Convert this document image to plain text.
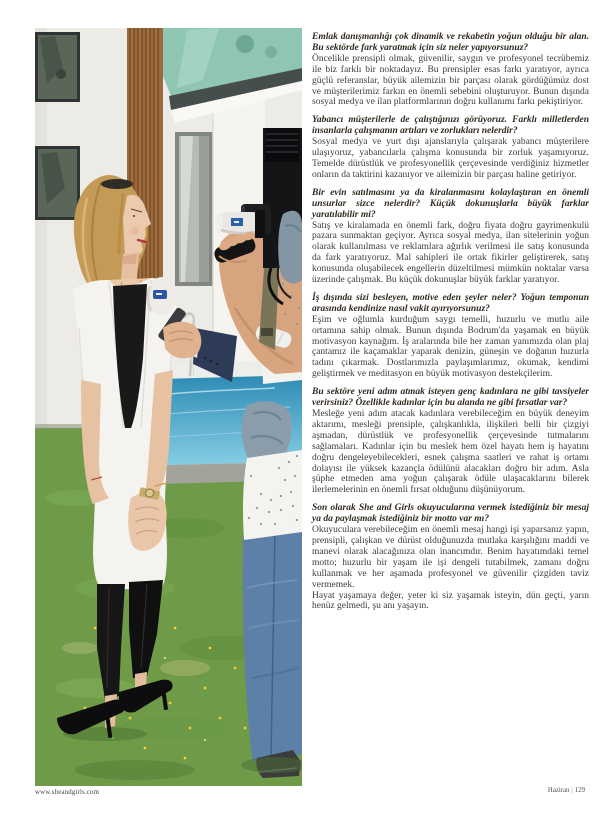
Emlak danışmanlığı çok dinamik ve rekabetin yoğun olduğu bir alan. Bu sektörde fark yaratmak için siz neler yapıyorsunuz?

Öncelikle prensipli olmak, güvenilir, saygın ve profesyonel tecrübemiz ile biz farklı bir noktadayız. Bu prensipler esas farkı yaratıyor, ayrıca güçlü referanslar, büyük ailemizin bir parçası olarak gördüğümüz dost ve müşterilerimiz farkın en önemli sebebini oluşturuyor. Bunun dışında sosyal medya ve ilan platformlarının doğru kullanımı farkı pekiştiriyor.

Yabancı müşterilerle de çalıştığınızı görüyoruz. Farklı milletlerden insanlarla çalışmanın artıları ve zorlukları nelerdir?

Sosyal medya ve yurt dışı ajanslarıyla çalışarak yabancı müşterilere ulaşıyoruz, yabancılarla çalışma konusunda bir zorluk yaşamıyoruz. Temelde dürüstlük ve profesyonellik çerçevesinde verdiğiniz hizmetler onların da taktirini kazanıyor ve ailemizin bir parçası haline getiriyor.

Bir evin satılmasını ya da kiralanmasını kolaylaştıran en önemli unsurlar sizce nelerdir? Küçük dokunuşlarla büyük farklar yaratılabilir mi?

Satış ve kiralamada en önemli fark, doğru fiyata doğru gayrimenkulü pazara sunmaktan geçiyor. Ayrıca sosyal medya, ilan sitelerinin yoğun olarak kullanılması ve reklamlara ağırlık verilmesi ile satış konusunda da fark yaratıyoruz. Mal sahipleri ile ortak fikirler geliştirerek, satış konusunda oluşabilecek engellerin düzeltilmesi mümkün noktalar varsa üzerinde çalışmak. Bu küçük dokunuşlar büyük farklar yaratıyor.

İş dışında sizi besleyen, motive eden şeyler neler? Yoğun temponun arasında kendinize nasıl vakit ayırıyorsunuz?

Eşim ve oğlumla kurduğum saygı temelli, huzurlu ve mutlu aile ortamına sahip olmak. Bunun dışında Bodrum'da yaşamak en büyük motivasyon kaynağım. İş aralarında bile her zaman yanımızda olan plaj çantamız ile kaçamaklar yaparak denizin, güneşin ve doğanın huzurla tadını çıkarmak. Dostlarımızla paylaşımlarımız, okumak, kendimi geliştirmek ve meditasyon en büyük motivasyon destekçilerim.

Bu sektöre yeni adım atmak isteyen genç kadınlara ne gibi tavsiyeler verirsiniz? Özellikle kadınlar için bu alanda ne gibi fırsatlar var?

Mesleğe yeni adım atacak kadınlara verebileceğim en büyük deneyim aktarımı, mesleği prensiple, çalışkanlıkla, ilişkileri belli bir çizgiyi aşmadan, dürüstlük ve profesyonellik çerçevesinde tutmalarını sağlamaları. Kadınlar için bu meslek hem özel hayatı hem iş hayatını doğru dengeleyebilecekleri, esnek çalışma saatleri ve rahat iş ortamı dolayısı ile yüksek kazançla ödülünü alacakları doğru bir adım. Asla şüphe etmeden ama yoğun çalışarak ödüle ulaşacaklarını bilerek ilerlemelerinin en önemli fırsat olduğunu düşünüyorum.

Son olarak She and Girls okuyucularına vermek istediğiniz bir mesaj ya da paylaşmak istediğiniz bir motto var mı?

Okuyuculara verebileceğim en önemli mesaj hangi işi yaparsanız yapın, prensipli, çalışkan ve dürüst olduğunuzda mutlaka karşılığını maddi ve manevi olarak alacağınıza olan inancımdır. Benim hayatımdaki temel motto; huzurlu bir yaşam ile işi dengeli tutabilmek, zamanı doğru kullanmak ve her aşamada profesyonel ve güvenilir çizgiden taviz vermemek.

Hayat yaşamaya değer, yeter ki siz yaşamak isteyin, dün geçti, yarın henüz gelmedi, şu anı yaşayın.

www.sheandgirls.com	Haziran | 129
